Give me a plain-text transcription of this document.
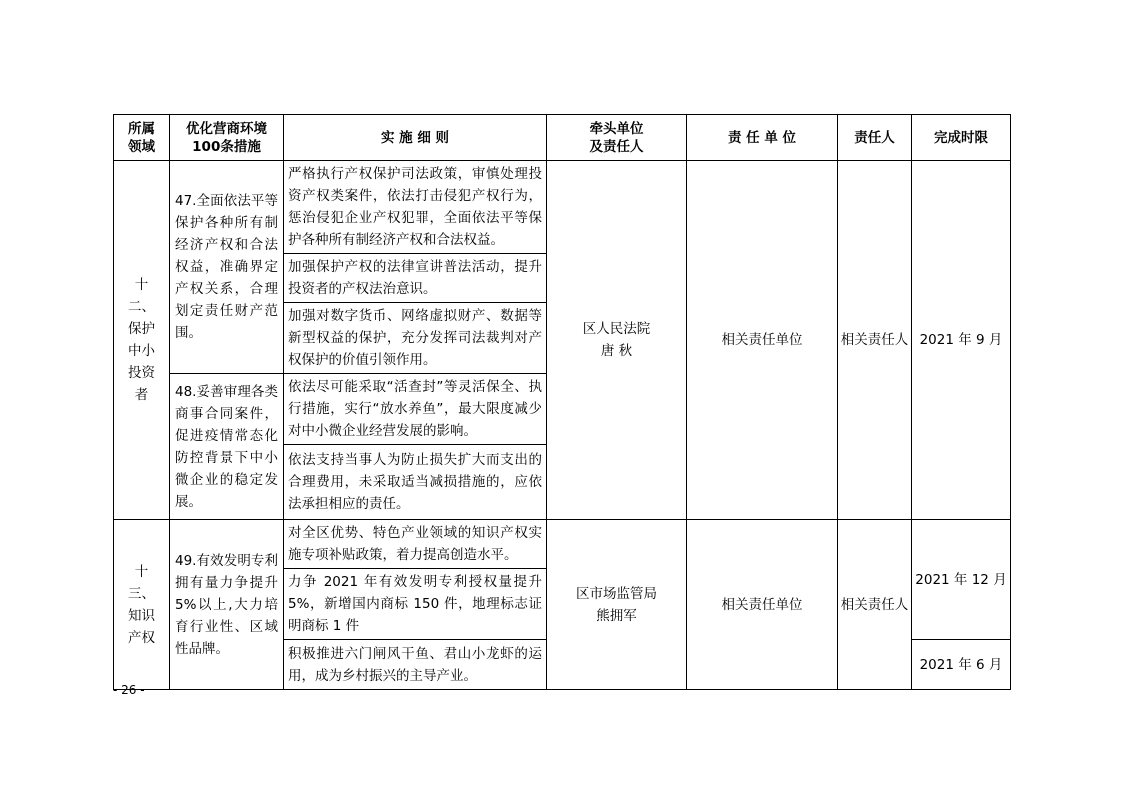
所属领域	优化营商环境100条措施	实 施 细 则	牵头单位及责任人	责 任 单 位	责任人	完成时限

十二、保护中小投资者	47.全面依法平等保护各种所有制经济产权和合法权益，准确界定产权关系，合理划定责任财产范围。	严格执行产权保护司法政策，审慎处理投资产权类案件，依法打击侵犯产权行为，惩治侵犯企业产权犯罪，全面依法平等保护各种所有制经济产权和合法权益。	区人民法院
唐 秋	相关责任单位	相关责任人	2021 年 9 月
		加强保护产权的法律宣讲普法活动，提升投资者的产权法治意识。				
		加强对数字货币、网络虚拟财产、数据等新型权益的保护，充分发挥司法裁判对产权保护的价值引领作用。				
	48.妥善审理各类商事合同案件，促进疫情常态化防控背景下中小微企业的稳定发展。	依法尽可能采取“活查封”等灵活保全、执行措施，实行“放水养鱼”，最大限度减少对中小微企业经营发展的影响。				
		依法支持当事人为防止损失扩大而支出的合理费用，未采取适当减损措施的，应依法承担相应的责任。				

十三、知识产权	49.有效发明专利拥有量力争提升 5%以上,大力培育行业性、区域性品牌。	对全区优势、特色产业领域的知识产权实施专项补贴政策，着力提高创造水平。	区市场监管局
熊拥军	相关责任单位	相关责任人	2021 年 12 月
		力争 2021 年有效发明专利授权量提升 5%，新增国内商标 150 件，地理标志证明商标 1 件				
		积极推进六门闸风干鱼、君山小龙虾的运用，成为乡村振兴的主导产业。				2021 年 6 月
- 26 -
